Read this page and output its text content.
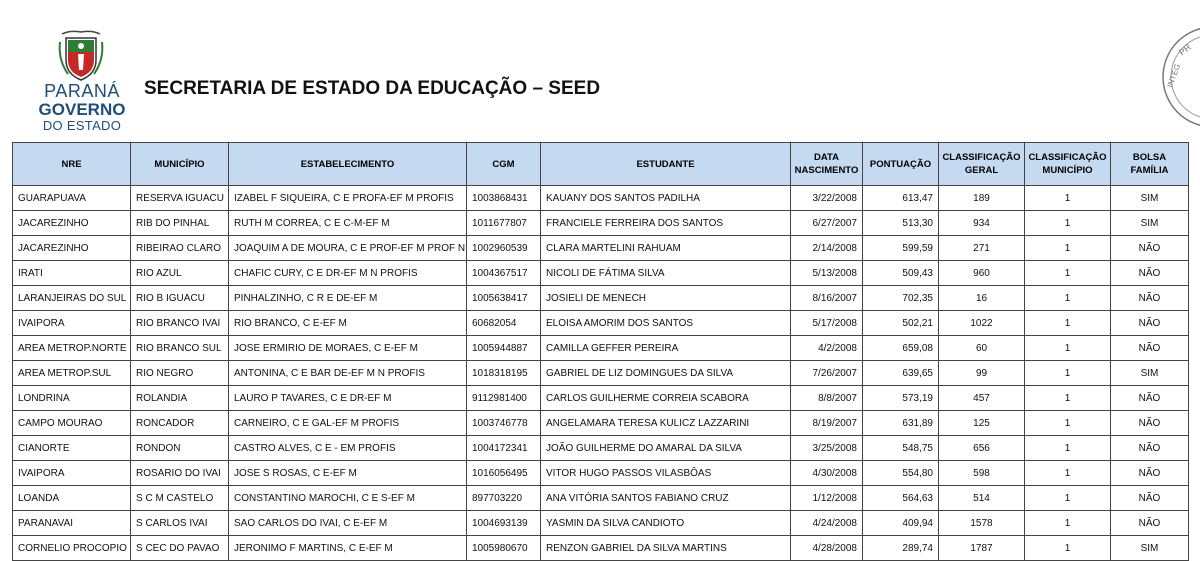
PARANÁ
GOVERNO
DO ESTADO
SECRETARIA DE ESTADO DA EDUCAÇÃO – SEED
PR
INTEG
NRE	MUNICÍPIO	ESTABELECIMENTO	CGM	ESTUDANTE	DATA NASCIMENTO	PONTUAÇÃO	CLASSIFICAÇÃO GERAL	CLASSIFICAÇÃO MUNICÍPIO	BOLSA FAMÍLIA
GUARAPUAVA	RESERVA IGUACU	IZABEL F SIQUEIRA, C E PROFA-EF M PROFIS	1003868431	KAUANY DOS SANTOS PADILHA	3/22/2008	613,47	189	1	SIM
JACAREZINHO	RIB DO PINHAL	RUTH M CORREA, C E C-M-EF M	1011677807	FRANCIELE FERREIRA DOS SANTOS	6/27/2007	513,30	934	1	SIM
JACAREZINHO	RIBEIRAO CLARO	JOAQUIM A DE MOURA, C E PROF-EF M PROF N	1002960539	CLARA MARTELINI RAHUAM	2/14/2008	599,59	271	1	NÃO
IRATI	RIO AZUL	CHAFIC CURY, C E DR-EF M N PROFIS	1004367517	NICOLI DE FÁTIMA SILVA	5/13/2008	509,43	960	1	NÃO
LARANJEIRAS DO SUL	RIO B IGUACU	PINHALZINHO, C R E DE-EF M	1005638417	JOSIELI DE MENECH	8/16/2007	702,35	16	1	NÃO
IVAIPORA	RIO BRANCO IVAI	RIO BRANCO, C E-EF M	60682054	ELOISA AMORIM DOS SANTOS	5/17/2008	502,21	1022	1	NÃO
AREA METROP.NORTE	RIO BRANCO SUL	JOSE ERMIRIO DE MORAES, C E-EF M	1005944887	CAMILLA GEFFER PEREIRA	4/2/2008	659,08	60	1	NÃO
AREA METROP.SUL	RIO NEGRO	ANTONINA, C E BAR DE-EF M N PROFIS	1018318195	GABRIEL DE LIZ DOMINGUES DA SILVA	7/26/2007	639,65	99	1	SIM
LONDRINA	ROLANDIA	LAURO P TAVARES, C E DR-EF M	9112981400	CARLOS GUILHERME CORREIA SCABORA	8/8/2007	573,19	457	1	NÃO
CAMPO MOURAO	RONCADOR	CARNEIRO, C E GAL-EF M PROFIS	1003746778	ANGELAMARA TERESA KULICZ LAZZARINI	8/19/2007	631,89	125	1	NÃO
CIANORTE	RONDON	CASTRO ALVES, C E - EM PROFIS	1004172341	JOÃO GUILHERME DO AMARAL DA SILVA	3/25/2008	548,75	656	1	NÃO
IVAIPORA	ROSARIO DO IVAI	JOSE S ROSAS, C E-EF M	1016056495	VITOR HUGO PASSOS VILASBÔAS	4/30/2008	554,80	598	1	NÃO
LOANDA	S C M CASTELO	CONSTANTINO MAROCHI, C E S-EF M	897703220	ANA VITÓRIA SANTOS FABIANO CRUZ	1/12/2008	564,63	514	1	NÃO
PARANAVAI	S CARLOS IVAI	SAO CARLOS DO IVAI, C E-EF M	1004693139	YASMIN DA SILVA CANDIOTO	4/24/2008	409,94	1578	1	NÃO
CORNELIO PROCOPIO	S CEC DO PAVAO	JERONIMO F MARTINS, C E-EF M	1005980670	RENZON GABRIEL DA SILVA MARTINS	4/28/2008	289,74	1787	1	SIM
